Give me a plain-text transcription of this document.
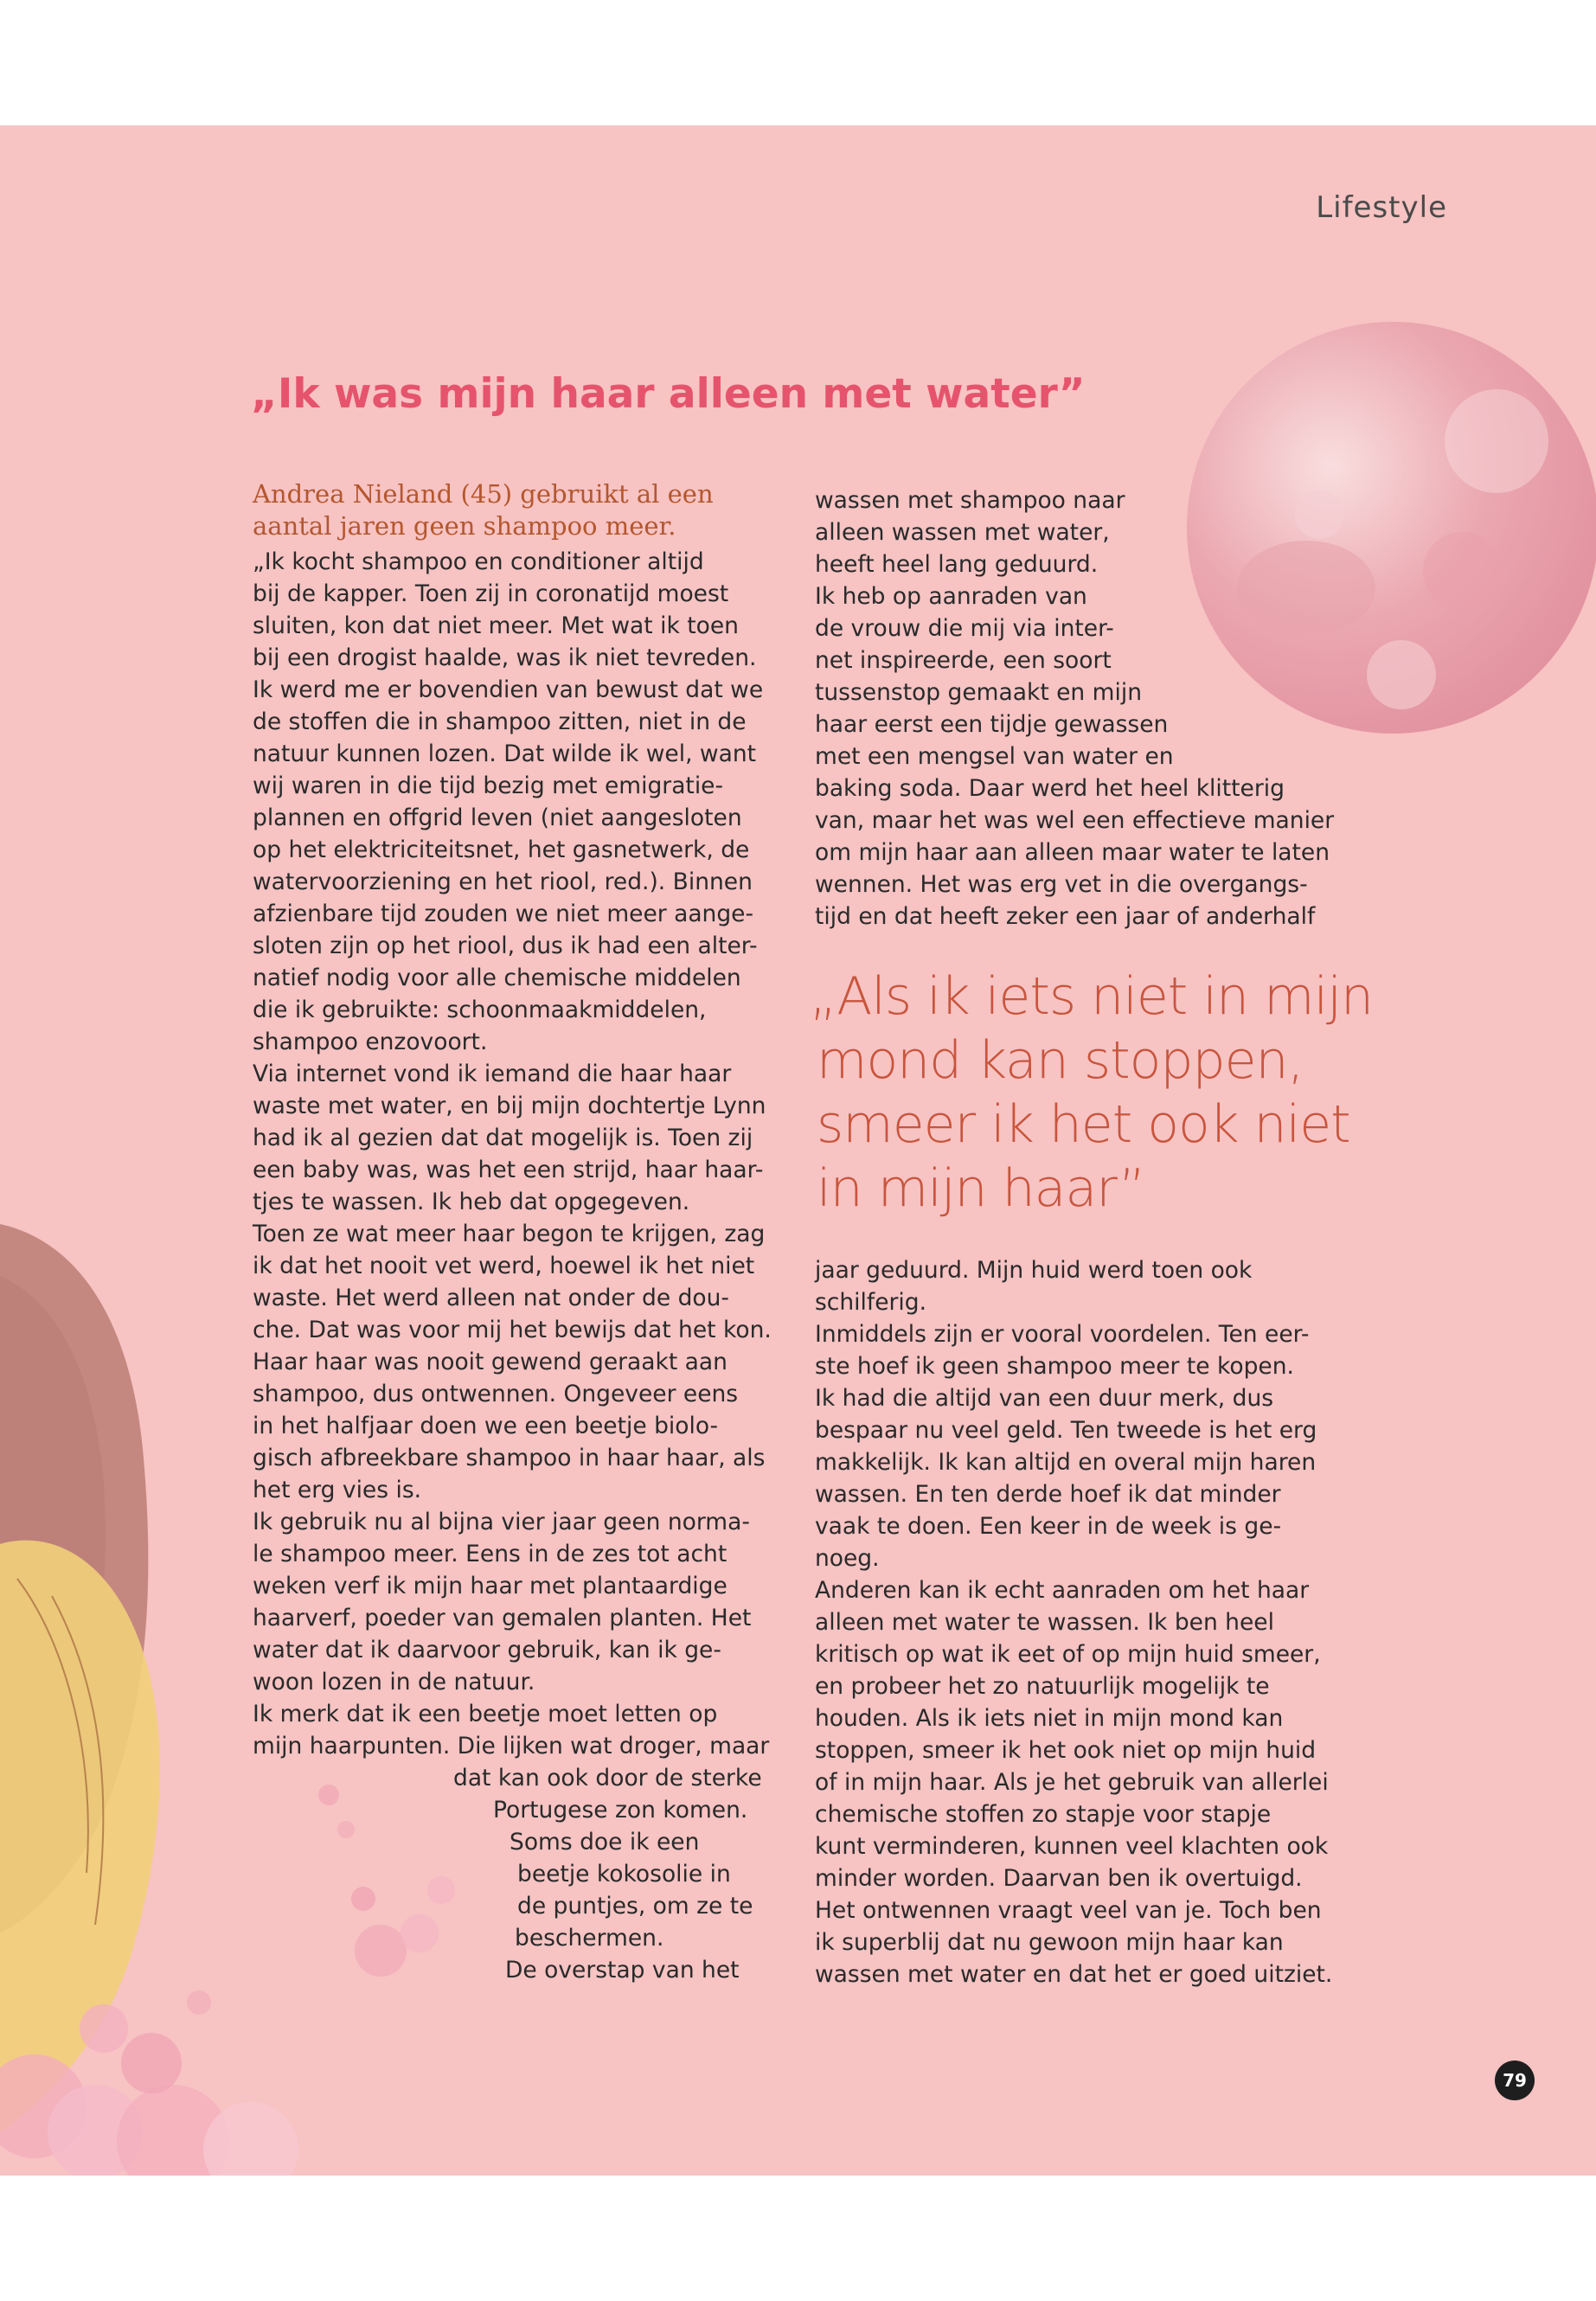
Lifestyle
„Ik was mijn haar alleen met water”
Andrea Nieland (45) gebruikt al een aantal jaren geen shampoo meer.
„Ik kocht shampoo en conditioner altijd
bij de kapper. Toen zij in coronatijd moest
sluiten, kon dat niet meer. Met wat ik toen
bij een drogist haalde, was ik niet tevreden.
Ik werd me er bovendien van bewust dat we
de stoffen die in shampoo zitten, niet in de
natuur kunnen lozen. Dat wilde ik wel, want
wij waren in die tijd bezig met emigratie-
plannen en offgrid leven (niet aangesloten
op het elektriciteitsnet, het gasnetwerk, de
watervoorziening en het riool, red.). Binnen
afzienbare tijd zouden we niet meer aange-
sloten zijn op het riool, dus ik had een alter-
natief nodig voor alle chemische middelen
die ik gebruikte: schoonmaakmiddelen,
shampoo enzovoort.
Via internet vond ik iemand die haar haar
waste met water, en bij mijn dochtertje Lynn
had ik al gezien dat dat mogelijk is. Toen zij
een baby was, was het een strijd, haar haar-
tjes te wassen. Ik heb dat opgegeven.
Toen ze wat meer haar begon te krijgen, zag
ik dat het nooit vet werd, hoewel ik het niet
waste. Het werd alleen nat onder de dou-
che. Dat was voor mij het bewijs dat het kon.
Haar haar was nooit gewend geraakt aan
shampoo, dus ontwennen. Ongeveer eens
in het halfjaar doen we een beetje biolo-
gisch afbreekbare shampoo in haar haar, als
het erg vies is.
Ik gebruik nu al bijna vier jaar geen norma-
le shampoo meer. Eens in de zes tot acht
weken verf ik mijn haar met plantaardige
haarverf, poeder van gemalen planten. Het
water dat ik daarvoor gebruik, kan ik ge-
woon lozen in de natuur.
Ik merk dat ik een beetje moet letten op
mijn haarpunten. Die lijken wat droger, maar
dat kan ook door de sterke
Portugese zon komen.
Soms doe ik een
beetje kokosolie in
de puntjes, om ze te
beschermen.
De overstap van het
wassen met shampoo naar
alleen wassen met water,
heeft heel lang geduurd.
Ik heb op aanraden van
de vrouw die mij via inter-
net inspireerde, een soort
tussenstop gemaakt en mijn
haar eerst een tijdje gewassen
met een mengsel van water en
baking soda. Daar werd het heel klitterig
van, maar het was wel een effectieve manier
om mijn haar aan alleen maar water te laten
wennen. Het was erg vet in die overgangs-
tijd en dat heeft zeker een jaar of anderhalf
„Als ik iets niet in mijn
mond kan stoppen,
smeer ik het ook niet
in mijn haar”
jaar geduurd. Mijn huid werd toen ook
schilferig.
Inmiddels zijn er vooral voordelen. Ten eer-
ste hoef ik geen shampoo meer te kopen.
Ik had die altijd van een duur merk, dus
bespaar nu veel geld. Ten tweede is het erg
makkelijk. Ik kan altijd en overal mijn haren
wassen. En ten derde hoef ik dat minder
vaak te doen. Een keer in de week is ge-
noeg.
Anderen kan ik echt aanraden om het haar
alleen met water te wassen. Ik ben heel
kritisch op wat ik eet of op mijn huid smeer,
en probeer het zo natuurlijk mogelijk te
houden. Als ik iets niet in mijn mond kan
stoppen, smeer ik het ook niet op mijn huid
of in mijn haar. Als je het gebruik van allerlei
chemische stoffen zo stapje voor stapje
kunt verminderen, kunnen veel klachten ook
minder worden. Daarvan ben ik overtuigd.
Het ontwennen vraagt veel van je. Toch ben
ik superblij dat nu gewoon mijn haar kan
wassen met water en dat het er goed uitziet.
79
